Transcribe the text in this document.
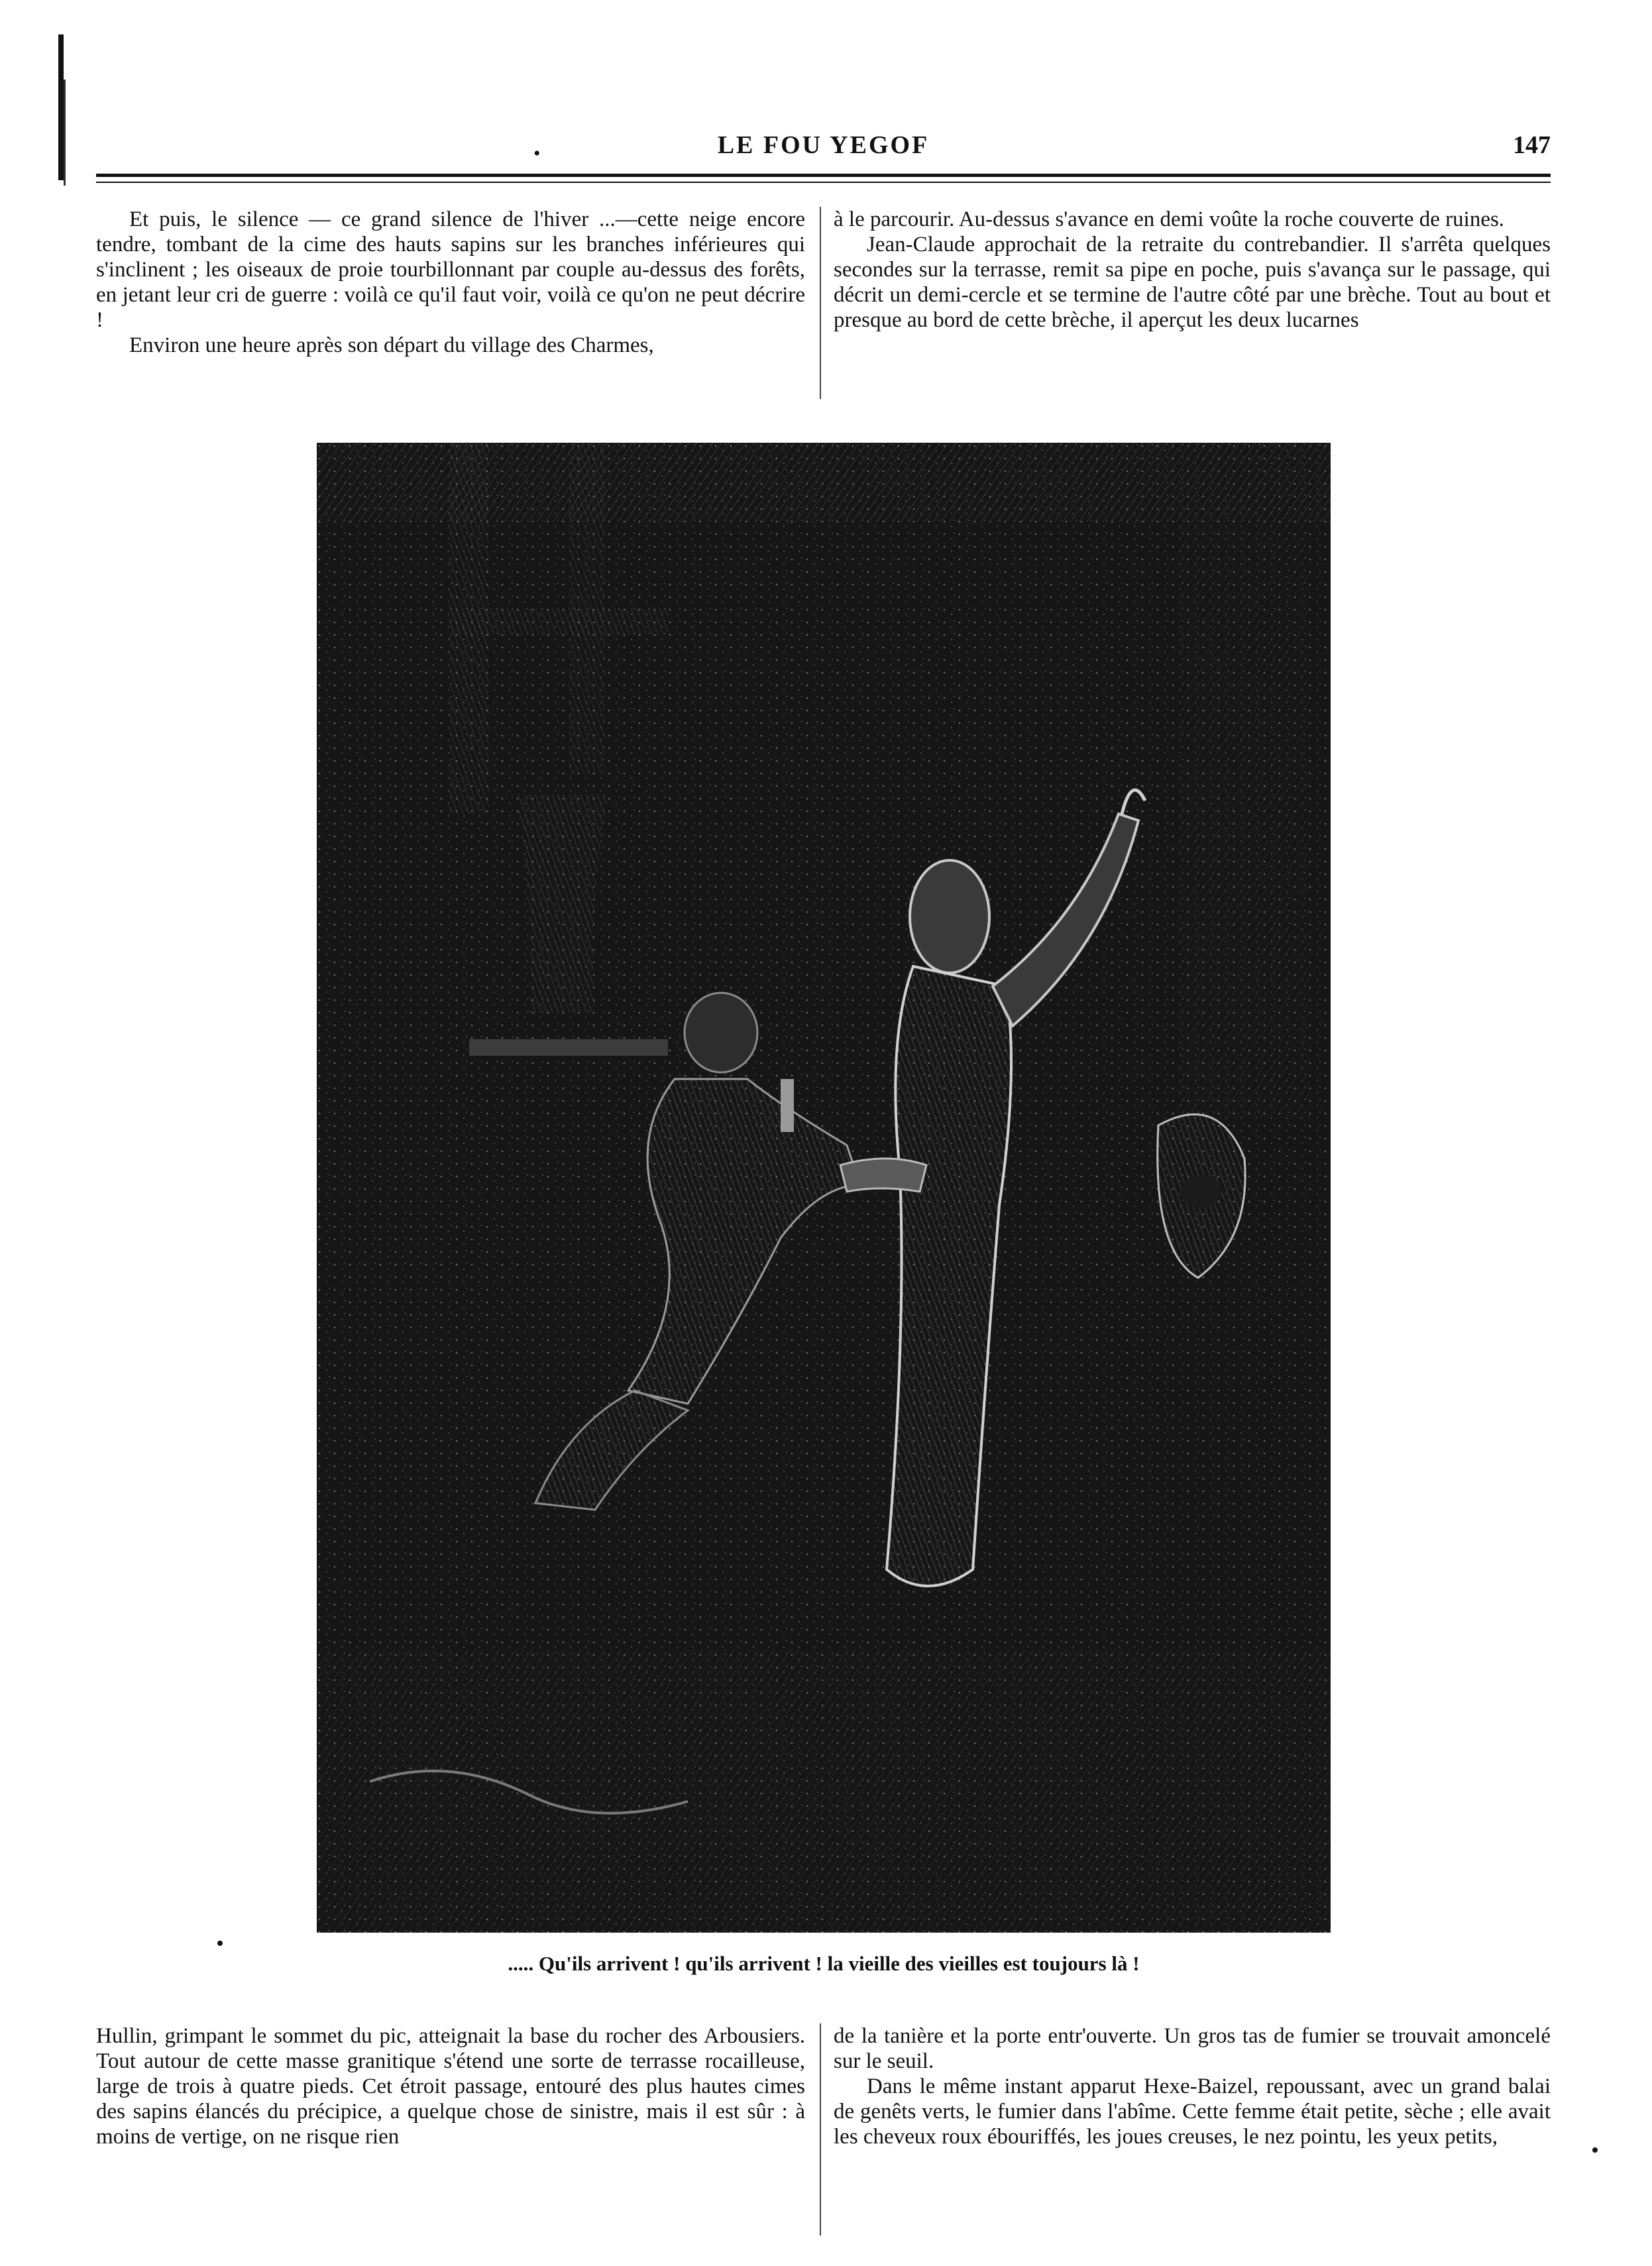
•	LE FOU YEGOF	147

Et puis, le silence — ce grand silence de l'hiver ...—cette neige encore tendre, tombant de la cime des hauts sapins sur les branches inférieures qui s'inclinent ; les oiseaux de proie tourbillonnant par couple au-dessus des forêts, en jetant leur cri de guerre : voilà ce qu'il faut voir, voilà ce qu'on ne peut décrire !

Environ une heure après son départ du village des Charmes,

à le parcourir. Au-dessus s'avance en demi voûte la roche couverte de ruines.

Jean-Claude approchait de la retraite du contrebandier. Il s'arrêta quelques secondes sur la terrasse, remit sa pipe en poche, puis s'avança sur le passage, qui décrit un demi-cercle et se termine de l'autre côté par une brèche. Tout au bout et presque au bord de cette brèche, il aperçut les deux lucarnes

..... Qu'ils arrivent ! qu'ils arrivent ! la vieille des vieilles est toujours là !

Hullin, grimpant le sommet du pic, atteignait la base du rocher des Arbousiers. Tout autour de cette masse granitique s'étend une sorte de terrasse rocailleuse, large de trois à quatre pieds. Cet étroit passage, entouré des plus hautes cimes des sapins élancés du précipice, a quelque chose de sinistre, mais il est sûr : à moins de vertige, on ne risque rien

de la tanière et la porte entr'ouverte. Un gros tas de fumier se trouvait amoncelé sur le seuil.

Dans le même instant apparut Hexe-Baizel, repoussant, avec un grand balai de genêts verts, le fumier dans l'abîme. Cette femme était petite, sèche ; elle avait les cheveux roux ébouriffés, les joues creuses, le nez pointu, les yeux petits,
